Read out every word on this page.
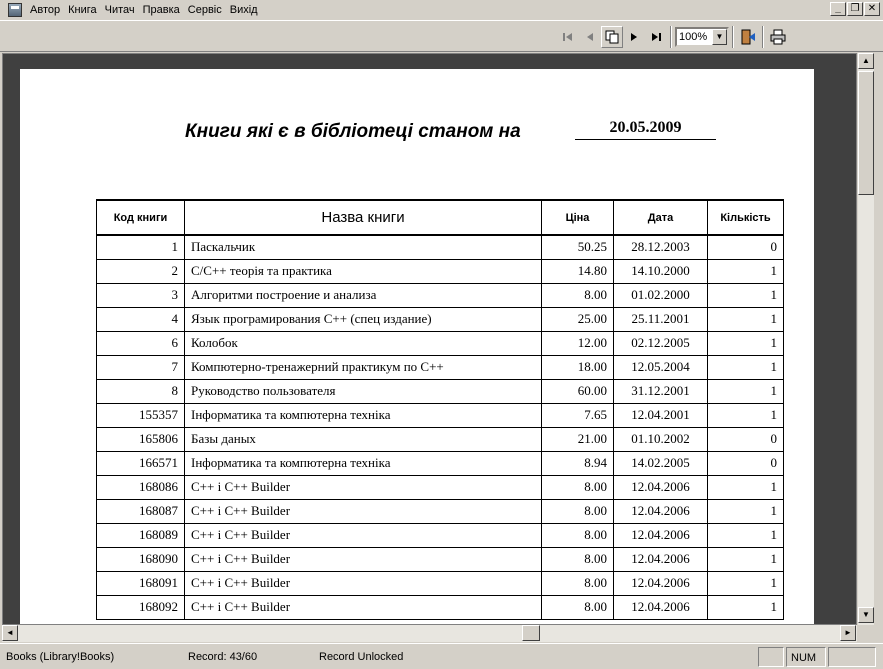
Автор Книга Читач Правка Сервіс Вихід	_ ❐ ✕
100%	▼
Книги які є в бібліотеці станом на	20.05.2009
Код книги	Назва книги	Ціна	Дата	Кількість
1	Паскальчик	50.25	28.12.2003	0
2	C/C++ теорія та практика	14.80	14.10.2000	1
3	Алгоритми построение и анализа	8.00	01.02.2000	1
4	Язык програмирования С++ (спец издание)	25.00	25.11.2001	1
6	Колобок	12.00	02.12.2005	1
7	Компютерно-тренажерний практикум по С++	18.00	12.05.2004	1
8	Руководство пользователя	60.00	31.12.2001	1
155357	Інформатика та компютерна техніка	7.65	12.04.2001	1
165806	Базы даных	21.00	01.10.2002	0
166571	Інформатика та компютерна техніка	8.94	14.02.2005	0
168086	С++ і С++ Builder	8.00	12.04.2006	1
168087	С++ і С++ Builder	8.00	12.04.2006	1
168089	С++ і С++ Builder	8.00	12.04.2006	1
168090	С++ і С++ Builder	8.00	12.04.2006	1
168091	С++ і С++ Builder	8.00	12.04.2006	1
168092	С++ і С++ Builder	8.00	12.04.2006	1
▲
▼
◄	►
Books (Library!Books)	Record: 43/60	Record Unlocked	NUM
